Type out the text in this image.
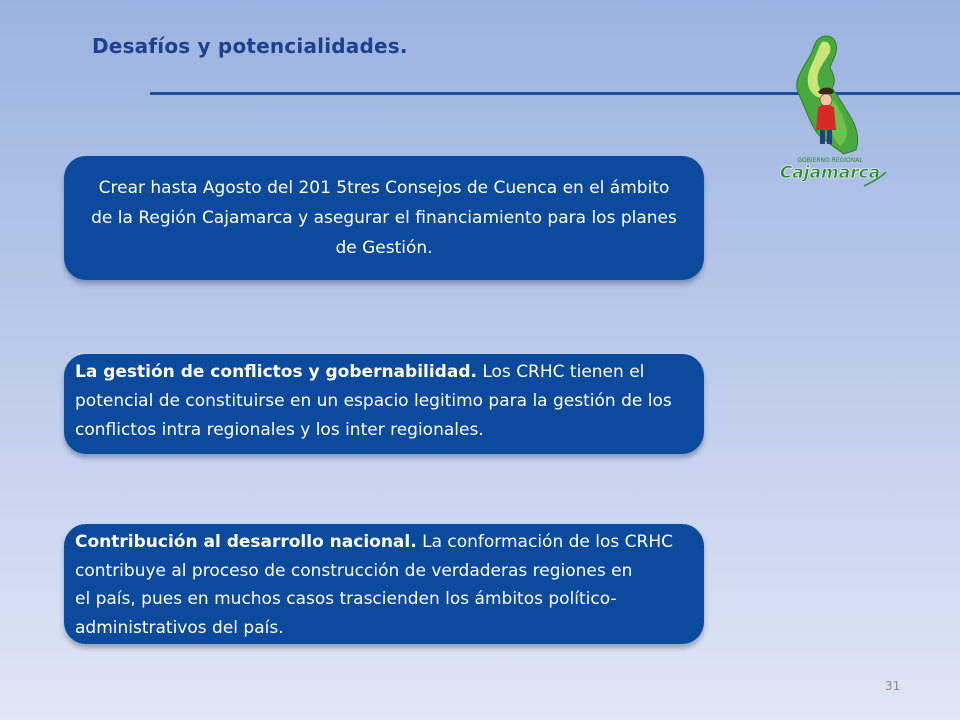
Desafíos y potencialidades.
GOBIERNO REGIONAL
Cajamarca
Crear hasta Agosto del 201 5tres Consejos de Cuenca en el ámbito de la Región Cajamarca y asegurar el financiamiento para los planes de Gestión.
La gestión de conflictos y gobernabilidad. Los CRHC tienen el potencial de constituirse en un espacio legitimo para la gestión de los conflictos intra regionales y los inter regionales.
Contribución al desarrollo nacional. La conformación de los CRHC
contribuye al proceso de construcción de verdaderas regiones en
el país, pues en muchos casos trascienden los ámbitos político-
administrativos del país.
31
